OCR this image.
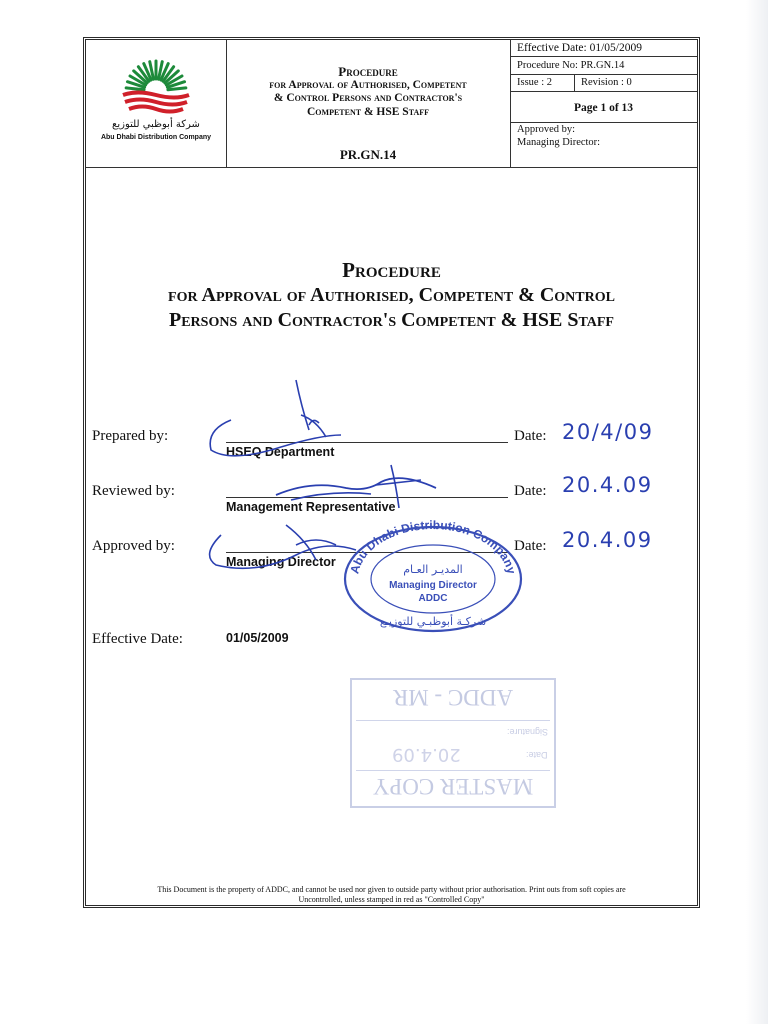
شركة أبوظبي للتوزيع
Abu Dhabi Distribution Company
Procedure
for Approval of Authorised, Competent
& Control Persons and Contractor's
Competent & HSE Staff
PR.GN.14
Effective Date: 01/05/2009
Procedure No: PR.GN.14
Issue : 2	Revision : 0
Page 1 of 13
Approved by:
Managing Director:
Procedure
for Approval of Authorised, Competent & Control
Persons and Contractor's Competent & HSE Staff
Prepared by:
HSEQ Department
Date: 20/4/09
Reviewed by:
Management Representative
Date: 20.4.09
Approved by:
Managing Director
Date: 20.4.09
Abu Dhabi Distribution Company
المديـر العـام
Managing Director
ADDC
شركـة أبوظبـي للتوزيـع
Effective Date:	01/05/2009
ADDC - MR
Signature:
Date:
20.4.09
MASTER COPY
This Document is the property of ADDC, and cannot be used nor given to outside party without prior authorisation. Print outs from soft copies are
Uncontrolled, unless stamped in red as "Controlled Copy"
